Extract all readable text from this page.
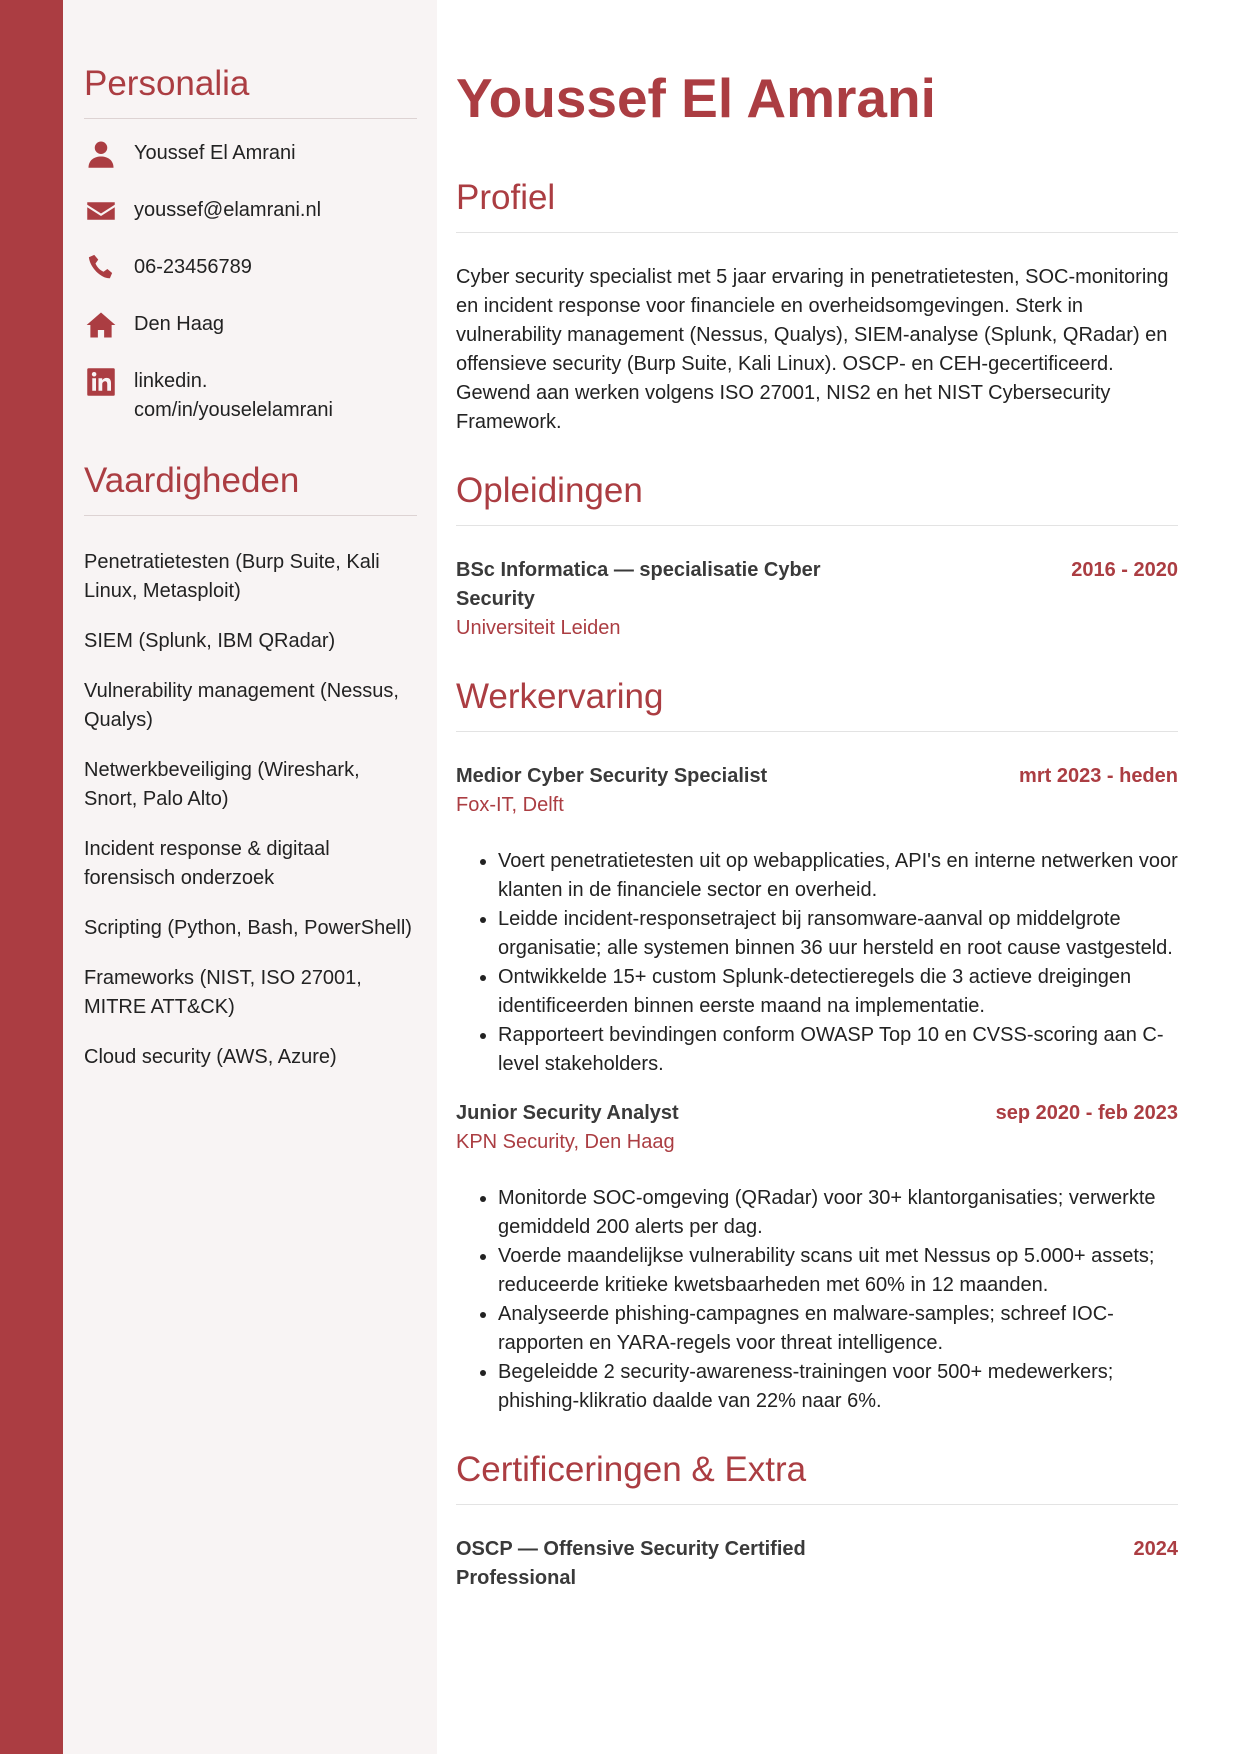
Personalia
Youssef El Amrani
youssef@elamrani.nl
06-23456789
Den Haag
linkedin.
com/in/youselelamrani
Vaardigheden
Penetratietesten (Burp Suite, Kali Linux, Metasploit)
SIEM (Splunk, IBM QRadar)
Vulnerability management (Nessus, Qualys)
Netwerkbeveiliging (Wireshark, Snort, Palo Alto)
Incident response & digitaal forensisch onderzoek
Scripting (Python, Bash, PowerShell)
Frameworks (NIST, ISO 27001, MITRE ATT&CK)
Cloud security (AWS, Azure)
Youssef El Amrani
Profiel

Cyber security specialist met 5 jaar ervaring in penetratietesten, SOC-monitoring en incident response voor financiele en overheidsomgevingen. Sterk in vulnerability management (Nessus, Qualys), SIEM-analyse (Splunk, QRadar) en offensieve security (Burp Suite, Kali Linux). OSCP- en CEH-gecertificeerd. Gewend aan werken volgens ISO 27001, NIS2 en het NIST Cybersecurity Framework.

Opleidingen
BSc Informatica — specialisatie Cyber Security
2016 - 2020
Universiteit Leiden
Werkervaring
Medior Cyber Security Specialist	mrt 2023 - heden
Fox-IT, Delft
• Voert penetratietesten uit op webapplicaties, API's en interne netwerken voor klanten in de financiele sector en overheid.
• Leidde incident-responsetraject bij ransomware-aanval op middelgrote organisatie; alle systemen binnen 36 uur hersteld en root cause vastgesteld.
• Ontwikkelde 15+ custom Splunk-detectieregels die 3 actieve dreigingen identificeerden binnen eerste maand na implementatie.
• Rapporteert bevindingen conform OWASP Top 10 en CVSS-scoring aan C-level stakeholders.
Junior Security Analyst	sep 2020 - feb 2023
KPN Security, Den Haag
• Monitorde SOC-omgeving (QRadar) voor 30+ klantorganisaties; verwerkte gemiddeld 200 alerts per dag.
• Voerde maandelijkse vulnerability scans uit met Nessus op 5.000+ assets; reduceerde kritieke kwetsbaarheden met 60% in 12 maanden.
• Analyseerde phishing-campagnes en malware-samples; schreef IOC-rapporten en YARA-regels voor threat intelligence.
• Begeleidde 2 security-awareness-trainingen voor 500+ medewerkers; phishing-klikratio daalde van 22% naar 6%.
Certificeringen & Extra
OSCP — Offensive Security Certified Professional
2024
